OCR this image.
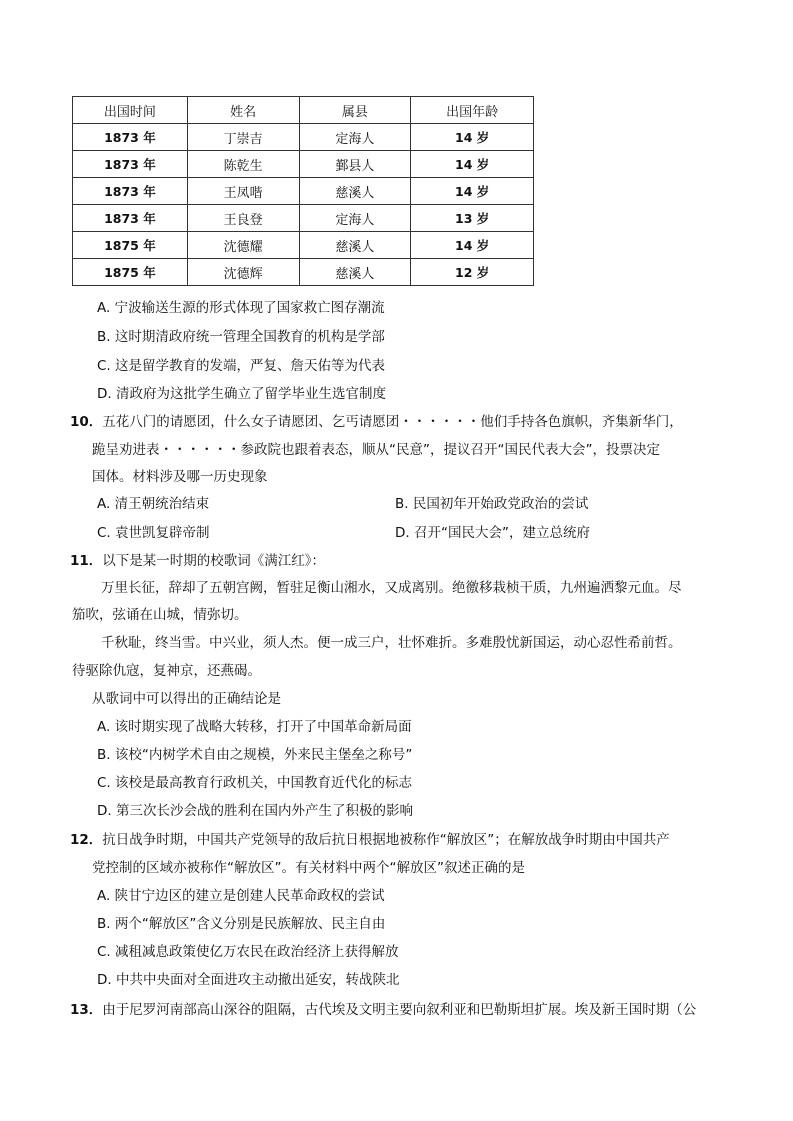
出国时间	姓名	属县	出国年龄
1873 年	丁崇吉	定海人	14 岁
1873 年	陈乾生	鄞县人	14 岁
1873 年	王凤喈	慈溪人	14 岁
1873 年	王良登	定海人	13 岁
1875 年	沈德耀	慈溪人	14 岁
1875 年	沈德辉	慈溪人	12 岁
A. 宁波输送生源的形式体现了国家救亡图存潮流
B. 这时期清政府统一管理全国教育的机构是学部
C. 这是留学教育的发端，严复、詹天佑等为代表
D. 清政府为这批学生确立了留学毕业生选官制度
10．五花八门的请愿团，什么女子请愿团、乞丐请愿团・・・・・・他们手持各色旗帜，齐集新华门，
跪呈劝进表・・・・・・参政院也跟着表态，顺从“民意”，提议召开“国民代表大会”，投票决定
国体。材料涉及哪一历史现象
A. 清王朝统治结束	B. 民国初年开始政党政治的尝试
C. 袁世凯复辟帝制	D. 召开“国民大会”，建立总统府
11．以下是某一时期的校歌词《满江红》：
万里长征，辞却了五朝宫阙，暂驻足衡山湘水，又成离别。绝徼移栽桢干质，九州遍洒黎元血。尽
笳吹，弦诵在山城，情弥切。
千秋耻，终当雪。中兴业，须人杰。便一成三户，壮怀难折。多难殷忧新国运，动心忍性希前哲。
待驱除仇寇，复神京，还燕碣。
从歌词中可以得出的正确结论是
A. 该时期实现了战略大转移，打开了中国革命新局面
B. 该校“内树学术自由之规模，外来民主堡垒之称号”
C. 该校是最高教育行政机关，中国教育近代化的标志
D. 第三次长沙会战的胜利在国内外产生了积极的影响
12．抗日战争时期，中国共产党领导的敌后抗日根据地被称作“解放区”；在解放战争时期由中国共产
党控制的区域亦被称作“解放区”。有关材料中两个“解放区”叙述正确的是
A. 陕甘宁边区的建立是创建人民革命政权的尝试
B. 两个“解放区”含义分别是民族解放、民主自由
C. 减租减息政策使亿万农民在政治经济上获得解放
D. 中共中央面对全面进攻主动撤出延安，转战陕北
13．由于尼罗河南部高山深谷的阻隔，古代埃及文明主要向叙利亚和巴勒斯坦扩展。埃及新王国时期（公
